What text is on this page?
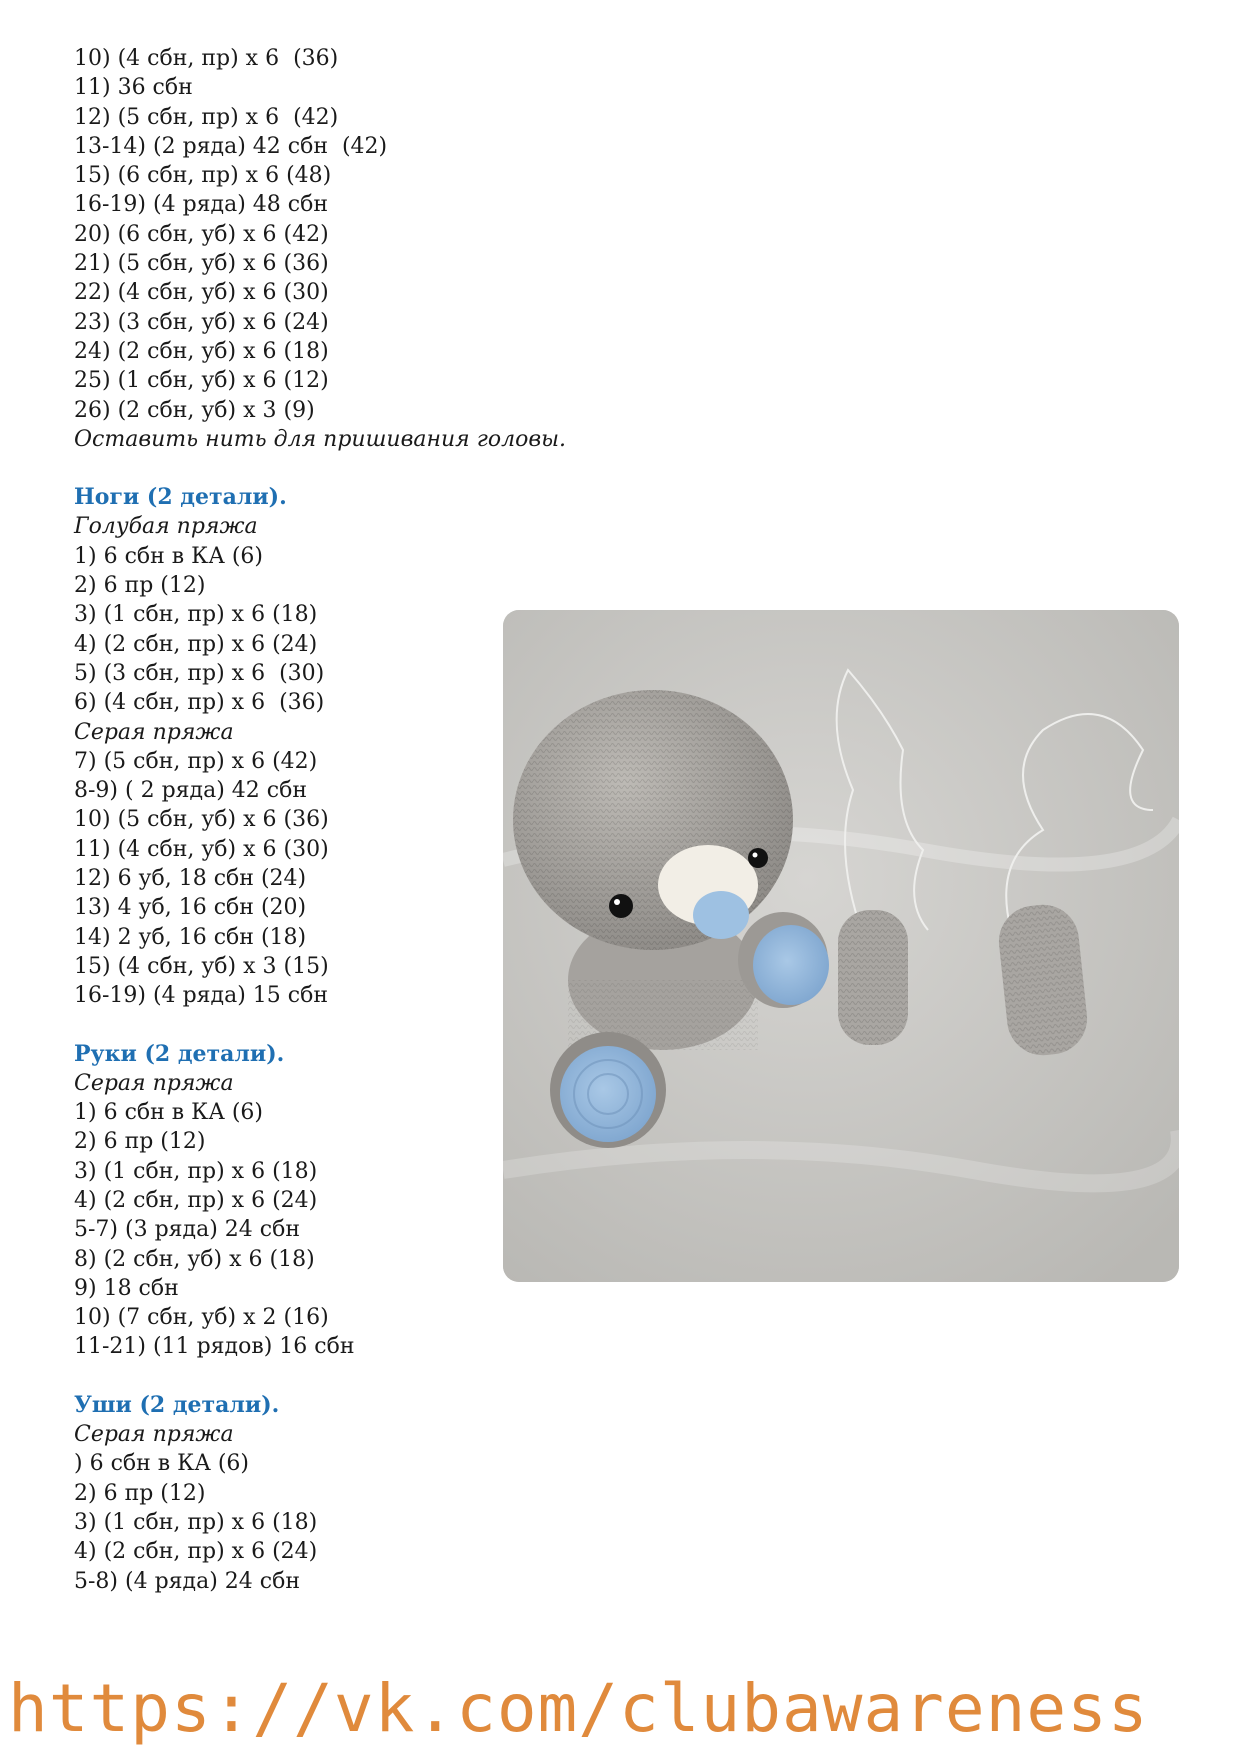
10) (4 сбн, пр) х 6  (36)
11) 36 сбн
12) (5 сбн, пр) х 6  (42)
13-14) (2 ряда) 42 сбн  (42)
15) (6 сбн, пр) х 6 (48)
16-19) (4 ряда) 48 сбн
20) (6 сбн, уб) х 6 (42)
21) (5 сбн, уб) х 6 (36)
22) (4 сбн, уб) х 6 (30)
23) (3 сбн, уб) х 6 (24)
24) (2 сбн, уб) х 6 (18)
25) (1 сбн, уб) х 6 (12)
26) (2 сбн, уб) х 3 (9)
Оставить нить для пришивания головы.
Ноги (2 детали).
Голубая пряжа
1) 6 сбн в КА (6)
2) 6 пр (12)
3) (1 сбн, пр) х 6 (18)
4) (2 сбн, пр) х 6 (24)
5) (3 сбн, пр) х 6  (30)
6) (4 сбн, пр) х 6  (36)
Серая пряжа
7) (5 сбн, пр) х 6 (42)
8-9) ( 2 ряда) 42 сбн
10) (5 сбн, уб) х 6 (36)
11) (4 сбн, уб) х 6 (30)
12) 6 уб, 18 сбн (24)
13) 4 уб, 16 сбн (20)
14) 2 уб, 16 сбн (18)
15) (4 сбн, уб) х 3 (15)
16-19) (4 ряда) 15 сбн
Руки (2 детали).
Серая пряжа
1) 6 сбн в КА (6)
2) 6 пр (12)
3) (1 сбн, пр) х 6 (18)
4) (2 сбн, пр) х 6 (24)
5-7) (3 ряда) 24 сбн
8) (2 сбн, уб) х 6 (18)
9) 18 сбн
10) (7 сбн, уб) х 2 (16)
11-21) (11 рядов) 16 сбн
Уши (2 детали).
Серая пряжа
) 6 сбн в КА (6)
2) 6 пр (12)
3) (1 сбн, пр) х 6 (18)
4) (2 сбн, пр) х 6 (24)
5-8) (4 ряда) 24 сбн
https://vk.com/clubawareness
